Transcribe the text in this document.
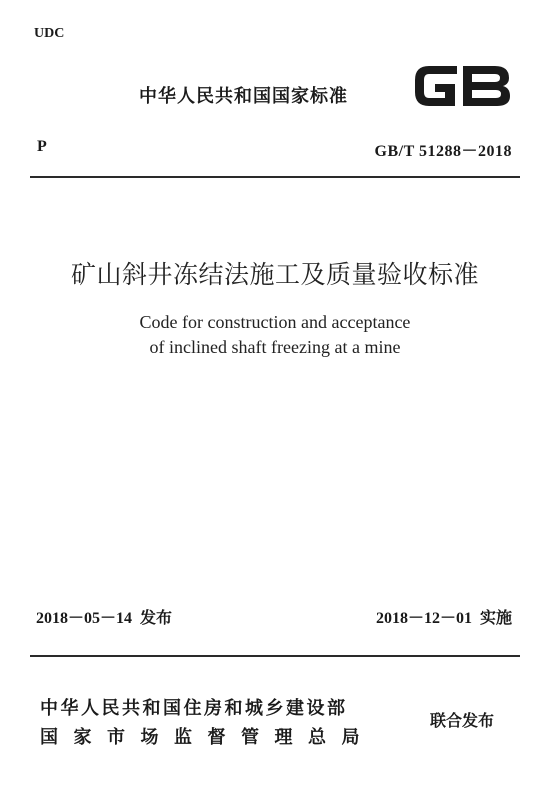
UDC
中华人民共和国国家标准
P	GB/T 51288－2018
矿山斜井冻结法施工及质量验收标准
Code for construction and acceptance
of inclined shaft freezing at a mine
2018－05－14 发布	2018－12－01 实施
中华人民共和国住房和城乡建设部
国家市场监督管理总局
联合发布
